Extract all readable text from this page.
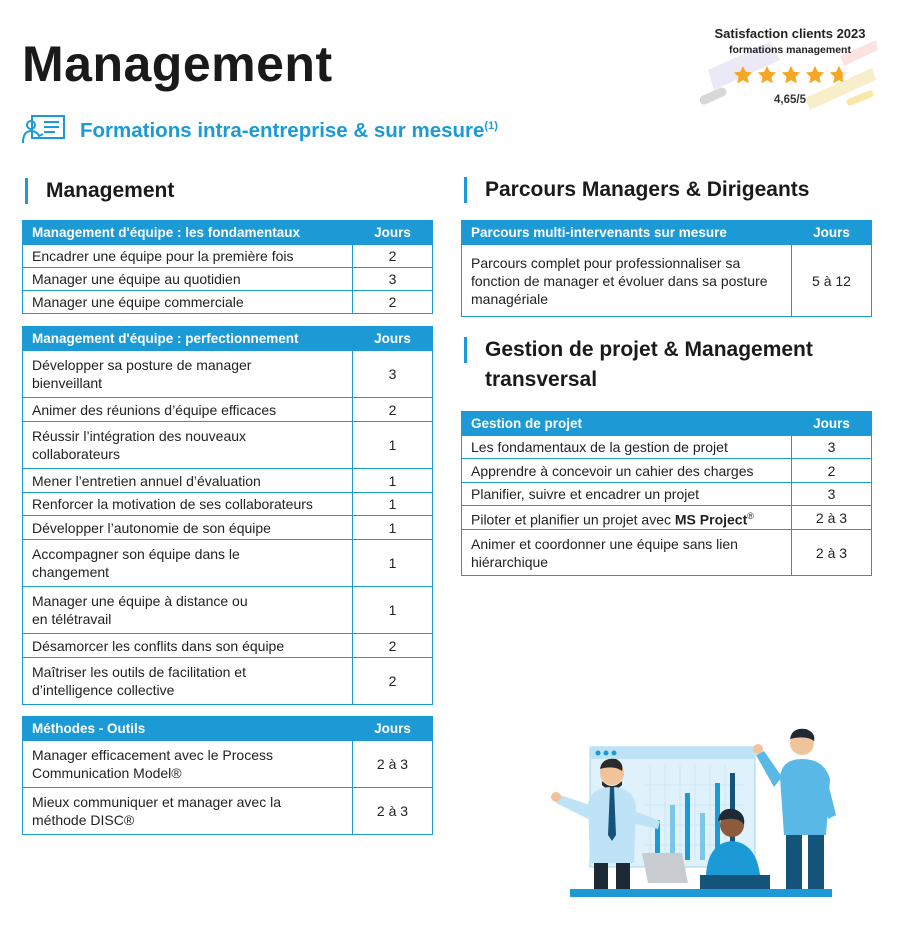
Management
Formations intra-entreprise & sur mesure$^{(1)}$
Satisfaction clients 2023
formations management
4,65/5
Management
Management d'équipe : les fondamentaux	Jours
Encadrer une équipe pour la première fois	2
Manager une équipe au quotidien	3
Manager une équipe commerciale	2
Management d'équipe : perfectionnement	Jours
Développer sa posture de manager bienveillant	3
Animer des réunions d’équipe efficaces	2
Réussir l’intégration des nouveaux collaborateurs	1
Mener l’entretien annuel d’évaluation	1
Renforcer la motivation de ses collaborateurs	1
Développer l’autonomie de son équipe	1
Accompagner son équipe dans le changement	1
Manager une équipe à distance ou en télétravail	1
Désamorcer les conflits dans son équipe	2
Maîtriser les outils de facilitation et d’intelligence collective	2
Méthodes - Outils	Jours
Manager efficacement avec le Process Communication Model®	2 à 3
Mieux communiquer et manager avec la méthode DISC®	2 à 3
Parcours Managers & Dirigeants
Parcours multi-intervenants sur mesure	Jours
Parcours complet pour professionnaliser sa fonction de manager et évoluer dans sa posture managériale	5 à 12
Gestion de projet & Management
transversal
Gestion de projet	Jours
Les fondamentaux de la gestion de projet	3
Apprendre à concevoir un cahier des charges	2
Planifier, suivre et encadrer un projet	3
Piloter et planifier un projet avec MS Project®	2 à 3
Animer et coordonner une équipe sans lien hiérarchique	2 à 3
